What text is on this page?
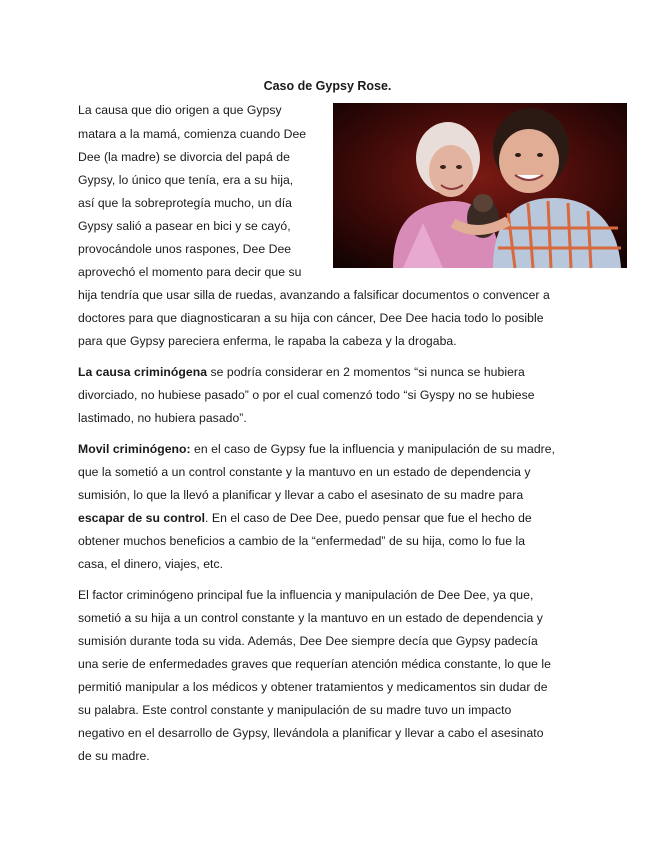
Caso de Gypsy Rose.
La causa que dio origen a que Gypsy
matara a la mamá, comienza cuando Dee
Dee (la madre) se divorcia del papá de
Gypsy, lo único que tenía, era a su hija,
así que la sobreprotegía mucho, un día
Gypsy salió a pasear en bici y se cayó,
provocándole unos raspones, Dee Dee
aprovechó el momento para decir que su
hija tendría que usar silla de ruedas, avanzando a falsificar documentos o convencer a
doctores para que diagnosticaran a su hija con cáncer, Dee Dee hacia todo lo posible
para que Gypsy pareciera enferma, le rapaba la cabeza y la drogaba.
La causa criminógena se podría considerar en 2 momentos “si nunca se hubiera
divorciado, no hubiese pasado” o por el cual comenzó todo “si Gyspy no se hubiese
lastimado, no hubiera pasado”.
Movil criminógeno: en el caso de Gypsy fue la influencia y manipulación de su madre,
que la sometió a un control constante y la mantuvo en un estado de dependencia y
sumisión, lo que la llevó a planificar y llevar a cabo el asesinato de su madre para
escapar de su control. En el caso de Dee Dee, puedo pensar que fue el hecho de
obtener muchos beneficios a cambio de la “enfermedad” de su hija, como lo fue la
casa, el dinero, viajes, etc.
El factor criminógeno principal fue la influencia y manipulación de Dee Dee, ya que,
sometió a su hija a un control constante y la mantuvo en un estado de dependencia y
sumisión durante toda su vida. Además, Dee Dee siempre decía que Gypsy padecía
una serie de enfermedades graves que requerían atención médica constante, lo que le
permitió manipular a los médicos y obtener tratamientos y medicamentos sin dudar de
su palabra. Este control constante y manipulación de su madre tuvo un impacto
negativo en el desarrollo de Gypsy, llevándola a planificar y llevar a cabo el asesinato
de su madre.
